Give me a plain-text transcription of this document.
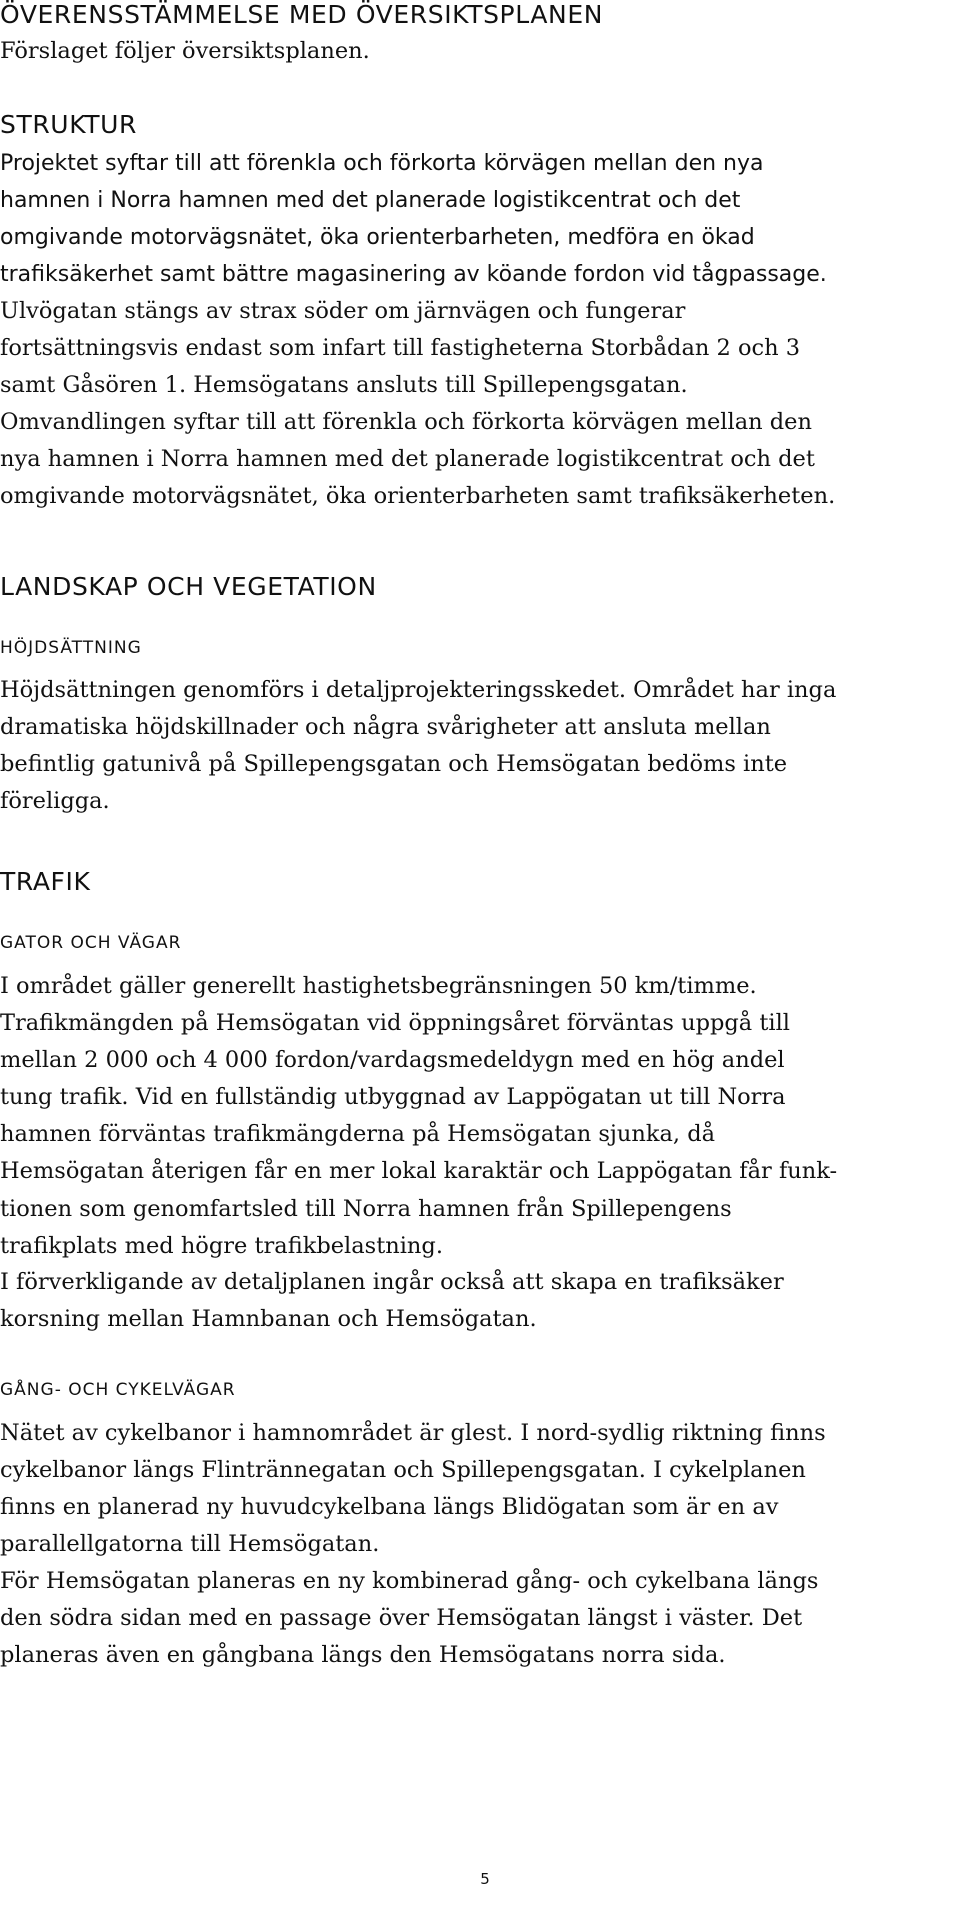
ÖVERENSSTÄMMELSE MED ÖVERSIKTSPLANEN

Förslaget följer översiktsplanen.

STRUKTUR

Projektet syftar till att förenkla och förkorta körvägen mellan den nya
hamnen i Norra hamnen med det planerade logistikcentrat och det
omgivande motorvägsnätet, öka orienterbarheten, medföra en ökad
trafiksäkerhet samt bättre magasinering av köande fordon vid tågpassage.

Ulvögatan stängs av strax söder om järnvägen och fungerar
fortsättningsvis endast som infart till fastigheterna Storbådan 2 och 3
samt Gåsören 1. Hemsögatans ansluts till Spillepengsgatan.
Omvandlingen syftar till att förenkla och förkorta körvägen mellan den
nya hamnen i Norra hamnen med det planerade logistikcentrat och det
omgivande motorvägsnätet, öka orienterbarheten samt trafiksäkerheten.

LANDSKAP OCH VEGETATION
HÖJDSÄTTNING

Höjdsättningen genomförs i detaljprojekteringsskedet. Området har inga
dramatiska höjdskillnader och några svårigheter att ansluta mellan
befintlig gatunivå på Spillepengsgatan och Hemsögatan bedöms inte
föreligga.

TRAFIK
GATOR OCH VÄGAR

I området gäller generellt hastighetsbegränsningen 50 km/timme.
Trafikmängden på Hemsögatan vid öppningsåret förväntas uppgå till
mellan 2 000 och 4 000 fordon/vardagsmedeldygn med en hög andel
tung trafik. Vid en fullständig utbyggnad av Lappögatan ut till Norra
hamnen förväntas trafikmängderna på Hemsögatan sjunka, då
Hemsögatan återigen får en mer lokal karaktär och Lappögatan får funk-
tionen som genomfartsled till Norra hamnen från Spillepengens
trafikplats med högre trafikbelastning.

I förverkligande av detaljplanen ingår också att skapa en trafiksäker
korsning mellan Hamnbanan och Hemsögatan.

GÅNG- OCH CYKELVÄGAR

Nätet av cykelbanor i hamnområdet är glest. I nord-sydlig riktning finns
cykelbanor längs Flintrännegatan och Spillepengsgatan. I cykelplanen
finns en planerad ny huvudcykelbana längs Blidögatan som är en av
parallellgatorna till Hemsögatan.

För Hemsögatan planeras en ny kombinerad gång- och cykelbana längs
den södra sidan med en passage över Hemsögatan längst i väster. Det
planeras även en gångbana längs den Hemsögatans norra sida.

5
